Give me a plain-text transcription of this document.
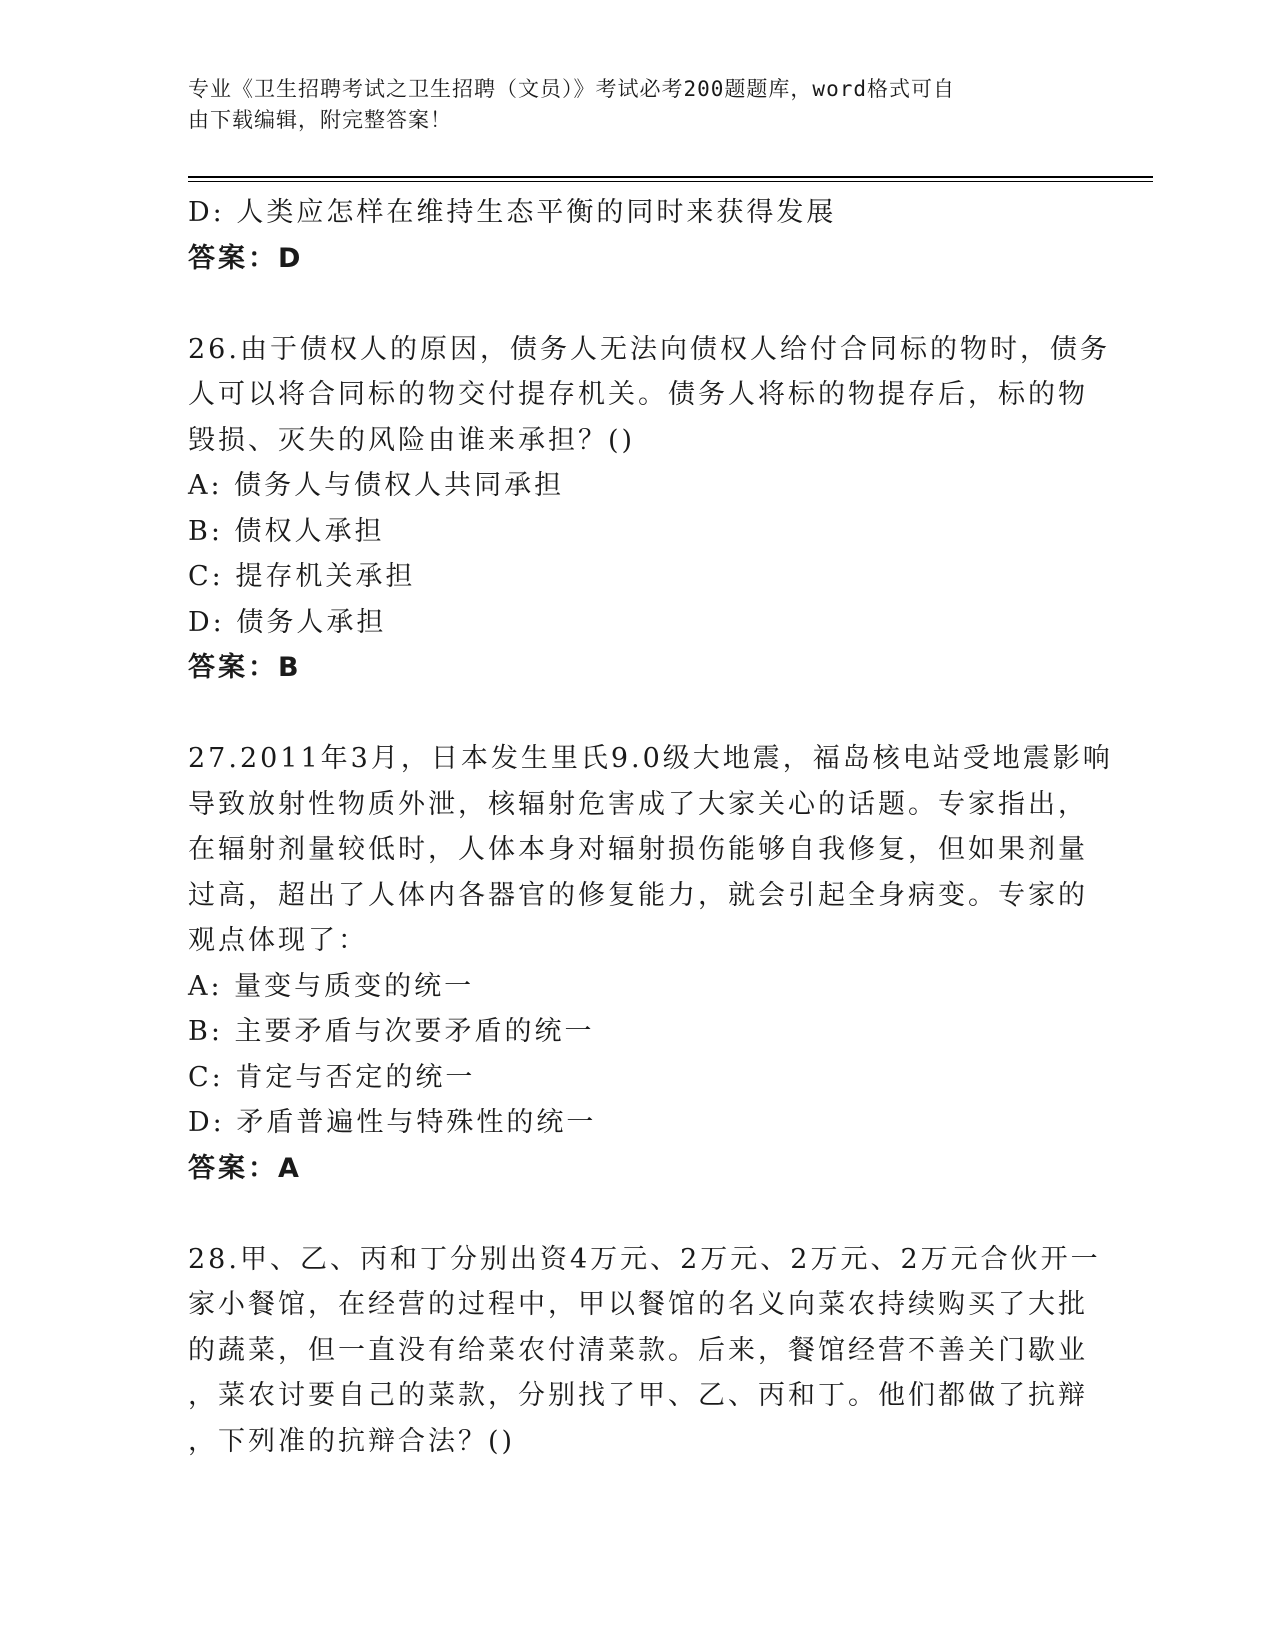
专业《卫生招聘考试之卫生招聘（文员）》考试必考200题题库，word格式可自
由下载编辑，附完整答案！
D: 人类应怎样在维持生态平衡的同时来获得发展
答案：D
26.由于债权人的原因，债务人无法向债权人给付合同标的物时，债务
人可以将合同标的物交付提存机关。债务人将标的物提存后，标的物
毁损、灭失的风险由谁来承担？()
A: 债务人与债权人共同承担
B: 债权人承担
C: 提存机关承担
D: 债务人承担
答案：B
27.2011年3月，日本发生里氏9.0级大地震，福岛核电站受地震影响
导致放射性物质外泄，核辐射危害成了大家关心的话题。专家指出，
在辐射剂量较低时，人体本身对辐射损伤能够自我修复，但如果剂量
过高，超出了人体内各器官的修复能力，就会引起全身病变。专家的
观点体现了：
A: 量变与质变的统一
B: 主要矛盾与次要矛盾的统一
C: 肯定与否定的统一
D: 矛盾普遍性与特殊性的统一
答案：A
28.甲、乙、丙和丁分别出资4万元、2万元、2万元、2万元合伙开一
家小餐馆，在经营的过程中，甲以餐馆的名义向菜农持续购买了大批
的蔬菜，但一直没有给菜农付清菜款。后来，餐馆经营不善关门歇业
，菜农讨要自己的菜款，分别找了甲、乙、丙和丁。他们都做了抗辩
，下列准的抗辩合法？()
